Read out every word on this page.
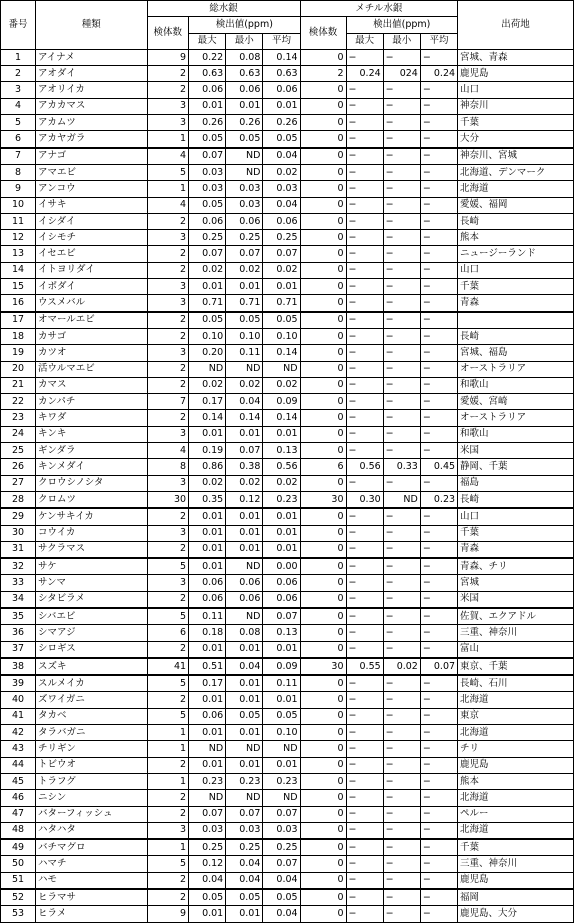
番号	種類	総水銀				メチル水銀				出荷地
		検体数	検出値(ppm)			検体数	検出値(ppm)			
			最大	最小	平均		最大	最小	平均	
1	アイナメ	9	0.22	0.08	0.14	0	−	−	−	宮城、青森
2	アオダイ	2	0.63	0.63	0.63	2	0.24	024	0.24	鹿児島
3	アオリイカ	2	0.06	0.06	0.06	0	−	−	−	山口
4	アカカマス	3	0.01	0.01	0.01	0	−	−	−	神奈川
5	アカムツ	3	0.26	0.26	0.26	0	−	−	−	千葉
6	アカヤガラ	1	0.05	0.05	0.05	0	−	−	−	大分
7	アナゴ	4	0.07	ND	0.04	0	−	−	−	神奈川、宮城
8	アマエビ	5	0.03	ND	0.02	0	−	−	−	北海道、デンマーク
9	アンコウ	1	0.03	0.03	0.03	0	−	−	−	北海道
10	イサキ	4	0.05	0.03	0.04	0	−	−	−	愛媛、福岡
11	イシダイ	2	0.06	0.06	0.06	0	−	−	−	長崎
12	イシモチ	3	0.25	0.25	0.25	0	−	−	−	熊本
13	イセエビ	2	0.07	0.07	0.07	0	−	−	−	ニュージーランド
14	イトヨリダイ	2	0.02	0.02	0.02	0	−	−	−	山口
15	イボダイ	3	0.01	0.01	0.01	0	−	−	−	千葉
16	ウスメバル	3	0.71	0.71	0.71	0	−	−	−	青森
17	オマールエビ	2	0.05	0.05	0.05	0	−	−	−	
18	カサゴ	2	0.10	0.10	0.10	0	−	−	−	長崎
19	カツオ	3	0.20	0.11	0.14	0	−	−	−	宮城、福島
20	活ウルマエビ	2	ND	ND	ND	0	−	−	−	オーストラリア
21	カマス	2	0.02	0.02	0.02	0	−	−	−	和歌山
22	カンパチ	7	0.17	0.04	0.09	0	−	−	−	愛媛、宮崎
23	キワダ	2	0.14	0.14	0.14	0	−	−	−	オーストラリア
24	キンキ	3	0.01	0.01	0.01	0	−	−	−	和歌山
25	ギンダラ	4	0.19	0.07	0.13	0	−	−	−	米国
26	キンメダイ	8	0.86	0.38	0.56	6	0.56	0.33	0.45	静岡、千葉
27	クロウシノシタ	3	0.02	0.02	0.02	0	−	−	−	福島
28	クロムツ	30	0.35	0.12	0.23	30	0.30	ND	0.23	長崎
29	ケンサキイカ	2	0.01	0.01	0.01	0	−	−	−	山口
30	コウイカ	3	0.01	0.01	0.01	0	−	−	−	千葉
31	サクラマス	2	0.01	0.01	0.01	0	−	−	−	青森
32	サケ	5	0.01	ND	0.00	0	−	−	−	青森、チリ
33	サンマ	3	0.06	0.06	0.06	0	−	−	−	宮城
34	シタビラメ	2	0.06	0.06	0.06	0	−	−	−	米国
35	シバエビ	5	0.11	ND	0.07	0	−	−	−	佐賀、エクアドル
36	シマアジ	6	0.18	0.08	0.13	0	−	−	−	三重、神奈川
37	シロギス	2	0.01	0.01	0.01	0	−	−	−	富山
38	スズキ	41	0.51	0.04	0.09	30	0.55	0.02	0.07	東京、千葉
39	スルメイカ	5	0.17	0.01	0.11	0	−	−	−	長崎、石川
40	ズワイガニ	2	0.01	0.01	0.01	0	−	−	−	北海道
41	タカベ	5	0.06	0.05	0.05	0	−	−	−	東京
42	タラバガニ	1	0.01	0.01	0.10	0	−	−	−	北海道
43	チリギン	1	ND	ND	ND	0	−	−	−	チリ
44	トビウオ	2	0.01	0.01	0.01	0	−	−	−	鹿児島
45	トラフグ	1	0.23	0.23	0.23	0	−	−	−	熊本
46	ニシン	2	ND	ND	ND	0	−	−	−	北海道
47	バターフィッシュ	2	0.07	0.07	0.07	0	−	−	−	ペルー
48	ハタハタ	3	0.03	0.03	0.03	0	−	−	−	北海道
49	バチマグロ	1	0.25	0.25	0.25	0	−	−	−	千葉
50	ハマチ	5	0.12	0.04	0.07	0	−	−	−	三重、神奈川
51	ハモ	2	0.04	0.04	0.04	0	−	−	−	鹿児島
52	ヒラマサ	2	0.05	0.05	0.05	0	−	−	−	福岡
53	ヒラメ	9	0.01	0.01	0.04	0	−	−	−	鹿児島、大分
